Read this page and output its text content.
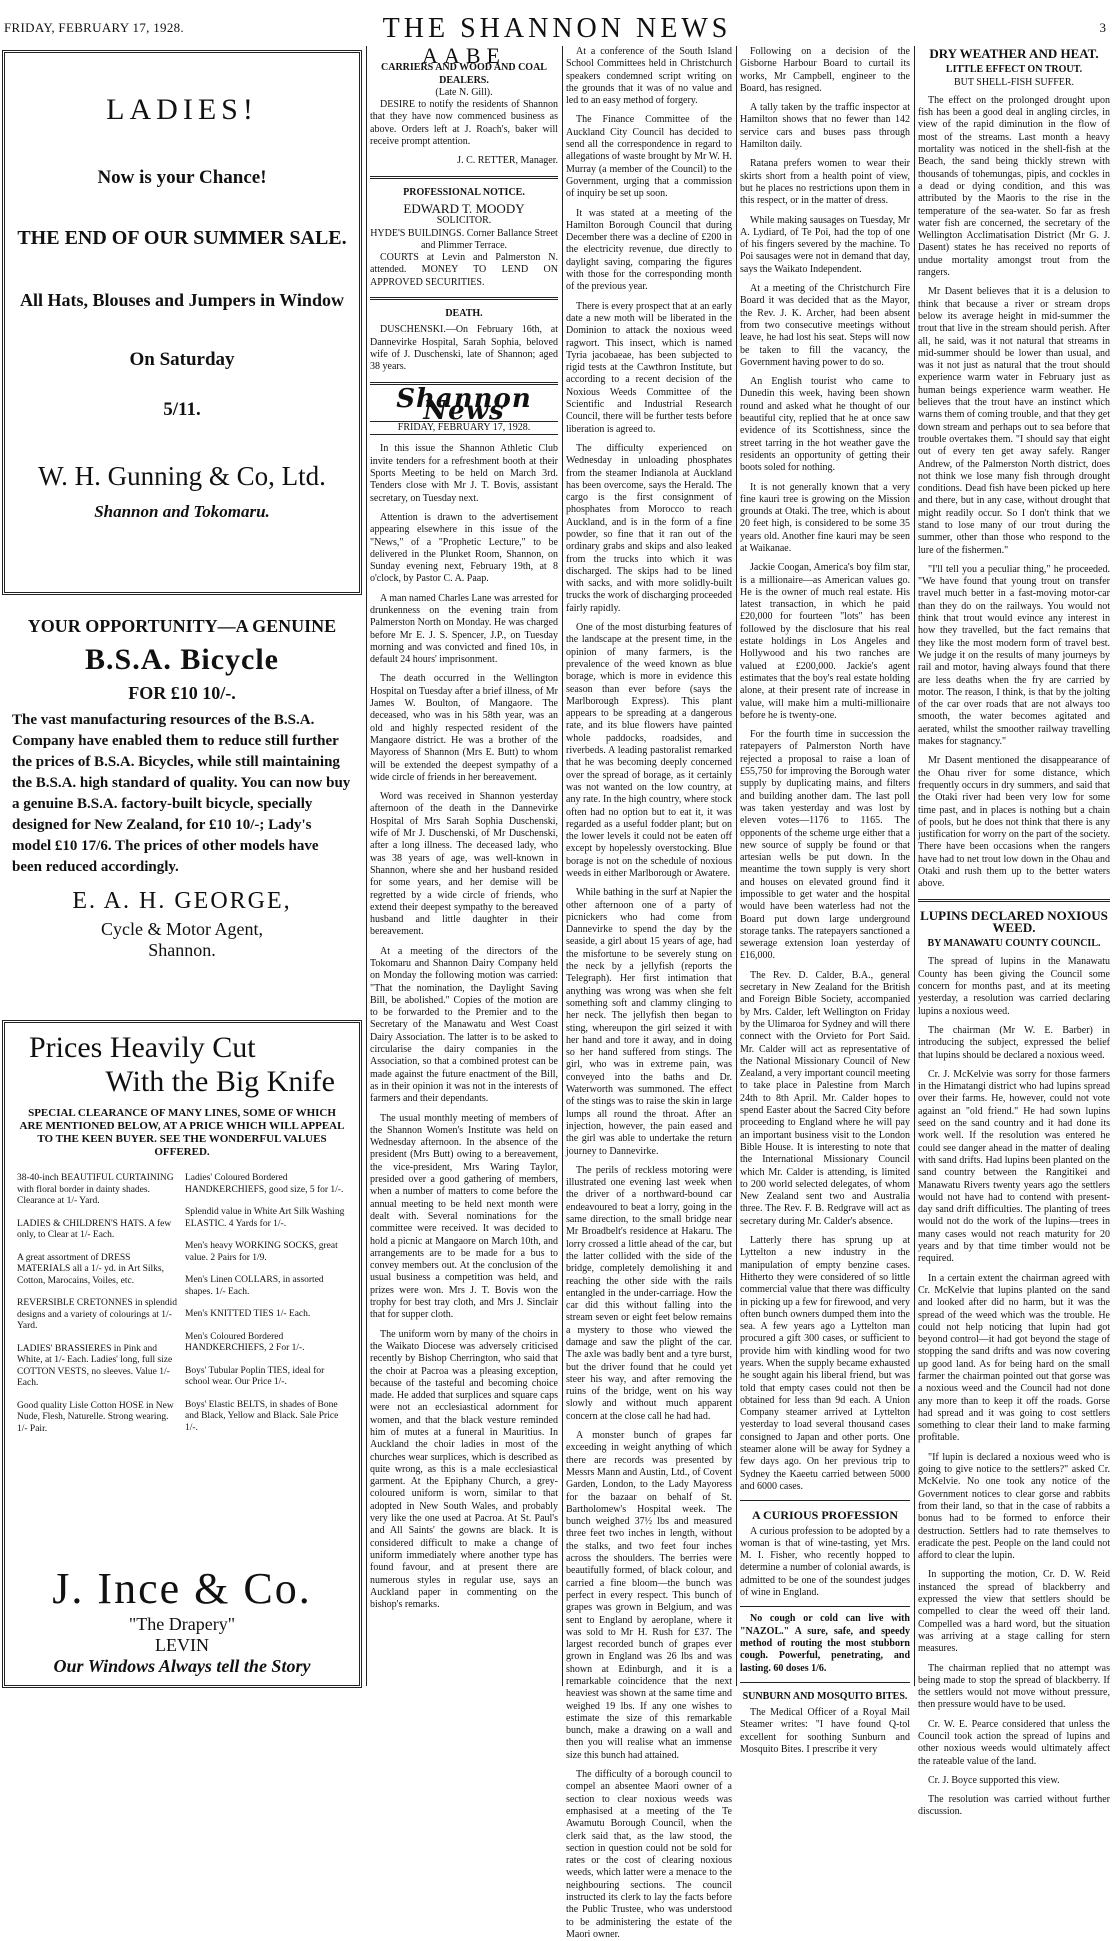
FRIDAY, FEBRUARY 17, 1928.	THE SHANNON NEWS	3
LADIES!
Now is your Chance!
THE END OF OUR SUMMER SALE.
All Hats, Blouses and Jumpers in Window
On Saturday
5/11.
W. H. Gunning & Co, Ltd.
Shannon and Tokomaru.
YOUR OPPORTUNITY—A GENUINE
B.S.A. Bicycle
FOR £10 10/-.
The vast manufacturing resources of the B.S.A. Company have enabled them to reduce still further the prices of B.S.A. Bicycles, while still maintaining the B.S.A. high standard of quality. You can now buy a genuine B.S.A. factory-built bicycle, specially designed for New Zealand, for £10 10/-; Lady's model £10 17/6. The prices of other models have been reduced accordingly.
E. A. H. GEORGE,
Cycle & Motor Agent,
Shannon.
Prices Heavily Cut
With the Big Knife
SPECIAL CLEARANCE OF MANY LINES, SOME OF WHICH ARE MENTIONED BELOW, AT A PRICE WHICH WILL APPEAL TO THE KEEN BUYER. SEE THE WONDERFUL VALUES OFFERED.
38-40-inch BEAUTIFUL CURTAINING with floral border in dainty shades. Clearance at 1/- Yard.
LADIES & CHILDREN'S HATS. A few only, to Clear at 1/- Each.
A great assortment of DRESS MATERIALS all a 1/- yd. in Art Silks, Cotton, Marocains, Voiles, etc.
REVERSIBLE CRETONNES in splendid designs and a variety of colourings at 1/- Yard.
LADIES' BRASSIERES in Pink and White, at 1/- Each. Ladies' long, full size COTTON VESTS, no sleeves. Value 1/- Each.
Good quality Lisle Cotton HOSE in New Nude, Flesh, Naturelle. Strong wearing. 1/- Pair.
Ladies' Coloured Bordered HANDKERCHIEFS, good size, 5 for 1/-.
Splendid value in White Art Silk Washing ELASTIC. 4 Yards for 1/-.
Men's heavy WORKING SOCKS, great value. 2 Pairs for 1/9.
Men's Linen COLLARS, in assorted shapes. 1/- Each.
Men's KNITTED TIES 1/- Each.
Men's Coloured Bordered HANDKERCHIEFS, 2 For 1/-.
Boys' Tubular Poplin TIES, ideal for school wear. Our Price 1/-.
Boys' Elastic BELTS, in shades of Bone and Black, Yellow and Black. Sale Price 1/-.
J. Ince & Co.
"The Drapery"
LEVIN
Our Windows Always tell the Story
AABE
CARRIERS AND WOOD AND COAL DEALERS.
(Late N. Gill).

DESIRE to notify the residents of Shannon that they have now commenced business as above. Orders left at J. Roach's, baker will receive prompt attention.

J. C. RETTER, Manager.
PROFESSIONAL NOTICE.
EDWARD T. MOODY
SOLICITOR.
HYDE'S BUILDINGS. Corner Ballance Street and Plimmer Terrace.

COURTS at Levin and Palmerston N. attended. MONEY TO LEND ON APPROVED SECURITIES.

DEATH.

DUSCHENSKI.—On February 16th, at Dannevirke Hospital, Sarah Sophia, beloved wife of J. Duschenski, late of Shannon; aged 38 years.

Shannon News
FRIDAY, FEBRUARY 17, 1928.

In this issue the Shannon Athletic Club invite tenders for a refreshment booth at their Sports Meeting to be held on March 3rd. Tenders close with Mr J. T. Bovis, assistant secretary, on Tuesday next.

Attention is drawn to the advertisement appearing elsewhere in this issue of the "News," of a "Prophetic Lecture," to be delivered in the Plunket Room, Shannon, on Sunday evening next, February 19th, at 8 o'clock, by Pastor C. A. Paap.

A man named Charles Lane was arrested for drunkenness on the evening train from Palmerston North on Monday. He was charged before Mr E. J. S. Spencer, J.P., on Tuesday morning and was convicted and fined 10s, in default 24 hours' imprisonment.

The death occurred in the Wellington Hospital on Tuesday after a brief illness, of Mr James W. Boulton, of Mangaore. The deceased, who was in his 58th year, was an old and highly respected resident of the Mangaore district. He was a brother of the Mayoress of Shannon (Mrs E. Butt) to whom will be extended the deepest sympathy of a wide circle of friends in her bereavement.

Word was received in Shannon yesterday afternoon of the death in the Dannevirke Hospital of Mrs Sarah Sophia Duschenski, wife of Mr J. Duschenski, of Mr Duschenski, after a long illness. The deceased lady, who was 38 years of age, was well-known in Shannon, where she and her husband resided for some years, and her demise will be regretted by a wide circle of friends, who extend their deepest sympathy to the bereaved husband and little daughter in their bereavement.

At a meeting of the directors of the Tokomaru and Shannon Dairy Company held on Monday the following motion was carried: "That the nomination, the Daylight Saving Bill, be abolished." Copies of the motion are to be forwarded to the Premier and to the Secretary of the Manawatu and West Coast Dairy Association. The latter is to be asked to circularise the dairy companies in the Association, so that a combined protest can be made against the future enactment of the Bill, as in their opinion it was not in the interests of farmers and their dependants.

The usual monthly meeting of members of the Shannon Women's Institute was held on Wednesday afternoon. In the absence of the president (Mrs Butt) owing to a bereavement, the vice-president, Mrs Waring Taylor, presided over a good gathering of members, when a number of matters to come before the annual meeting to be held next month were dealt with. Several nominations for the committee were received. It was decided to hold a picnic at Mangaore on March 10th, and arrangements are to be made for a bus to convey members out. At the conclusion of the usual business a competition was held, and prizes were won. Mrs J. T. Bovis won the trophy for best tray cloth, and Mrs J. Sinclair that for supper cloth.

The uniform worn by many of the choirs in the Waikato Diocese was adversely criticised recently by Bishop Cherrington, who said that the choir at Pacroa was a pleasing exception, because of the tasteful and becoming choice made. He added that surplices and square caps were not an ecclesiastical adornment for women, and that the black vesture reminded him of mutes at a funeral in Mauritius. In Auckland the choir ladies in most of the churches wear surplices, which is described as quite wrong, as this is a male ecclesiastical garment. At the Epiphany Church, a grey-coloured uniform is worn, similar to that adopted in New South Wales, and probably very like the one used at Pacroa. At St. Paul's and All Saints' the gowns are black. It is considered difficult to make a change of uniform immediately where another type has found favour, and at present there are numerous styles in regular use, says an Auckland paper in commenting on the bishop's remarks.

At a conference of the South Island School Committees held in Christchurch speakers condemned script writing on the grounds that it was of no value and led to an easy method of forgery.

The Finance Committee of the Auckland City Council has decided to send all the correspondence in regard to allegations of waste brought by Mr W. H. Murray (a member of the Council) to the Government, urging that a commission of inquiry be set up soon.

It was stated at a meeting of the Hamilton Borough Council that during December there was a decline of £200 in the electricity revenue, due directly to daylight saving, comparing the figures with those for the corresponding month of the previous year.

There is every prospect that at an early date a new moth will be liberated in the Dominion to attack the noxious weed ragwort. This insect, which is named Tyria jacobaeae, has been subjected to rigid tests at the Cawthron Institute, but according to a recent decision of the Noxious Weeds Committee of the Scientific and Industrial Research Council, there will be further tests before liberation is agreed to.

The difficulty experienced on Wednesday in unloading phosphates from the steamer Indianola at Auckland has been overcome, says the Herald. The cargo is the first consignment of phosphates from Morocco to reach Auckland, and is in the form of a fine powder, so fine that it ran out of the ordinary grabs and skips and also leaked from the trucks into which it was discharged. The skips had to be lined with sacks, and with more solidly-built trucks the work of discharging proceeded fairly rapidly.

One of the most disturbing features of the landscape at the present time, in the opinion of many farmers, is the prevalence of the weed known as blue borage, which is more in evidence this season than ever before (says the Marlborough Express). This plant appears to be spreading at a dangerous rate, and its blue flowers have painted whole paddocks, roadsides, and riverbeds. A leading pastoralist remarked that he was becoming deeply concerned over the spread of borage, as it certainly was not wanted on the low country, at any rate. In the high country, where stock often had no option but to eat it, it was regarded as a useful fodder plant; but on the lower levels it could not be eaten off except by hopelessly overstocking. Blue borage is not on the schedule of noxious weeds in either Marlborough or Awatere.

While bathing in the surf at Napier the other afternoon one of a party of picnickers who had come from Dannevirke to spend the day by the seaside, a girl about 15 years of age, had the misfortune to be severely stung on the neck by a jellyfish (reports the Telegraph). Her first intimation that anything was wrong was when she felt something soft and clammy clinging to her neck. The jellyfish then began to sting, whereupon the girl seized it with her hand and tore it away, and in doing so her hand suffered from stings. The girl, who was in extreme pain, was conveyed into the baths and Dr. Waterworth was summoned. The effect of the stings was to raise the skin in large lumps all round the throat. After an injection, however, the pain eased and the girl was able to undertake the return journey to Dannevirke.

The perils of reckless motoring were illustrated one evening last week when the driver of a northward-bound car endeavoured to beat a lorry, going in the same direction, to the small bridge near Mr Broadbelt's residence at Hakaru. The lorry crossed a little ahead of the car, but the latter collided with the side of the bridge, completely demolishing it and reaching the other side with the rails entangled in the under-carriage. How the car did this without falling into the stream seven or eight feet below remains a mystery to those who viewed the damage and saw the plight of the car. The axle was badly bent and a tyre burst, but the driver found that he could yet steer his way, and after removing the ruins of the bridge, went on his way slowly and without much apparent concern at the close call he had had.

A monster bunch of grapes far exceeding in weight anything of which there are records was presented by Messrs Mann and Austin, Ltd., of Covent Garden, London, to the Lady Mayoress for the bazaar on behalf of St. Bartholomew's Hospital week. The bunch weighed 37½ lbs and measured three feet two inches in length, without the stalks, and two feet four inches across the shoulders. The berries were beautifully formed, of black colour, and carried a fine bloom—the bunch was perfect in every respect. This bunch of grapes was grown in Belgium, and was sent to England by aeroplane, where it was sold to Mr H. Rush for £37. The largest recorded bunch of grapes ever grown in England was 26 lbs and was shown at Edinburgh, and it is a remarkable coincidence that the next heaviest was shown at the same time and weighed 19 lbs. If any one wishes to estimate the size of this remarkable bunch, make a drawing on a wall and then you will realise what an immense size this bunch had attained.

The difficulty of a borough council to compel an absentee Maori owner of a section to clear noxious weeds was emphasised at a meeting of the Te Awamutu Borough Council, when the clerk said that, as the law stood, the section in question could not be sold for rates or the cost of clearing noxious weeds, which latter were a menace to the neighbouring sections. The council instructed its clerk to lay the facts before the Public Trustee, who was understood to be administering the estate of the Maori owner.

Following on a decision of the Gisborne Harbour Board to curtail its works, Mr Campbell, engineer to the Board, has resigned.

A tally taken by the traffic inspector at Hamilton shows that no fewer than 142 service cars and buses pass through Hamilton daily.

Ratana prefers women to wear their skirts short from a health point of view, but he places no restrictions upon them in this respect, or in the matter of dress.

While making sausages on Tuesday, Mr A. Lydiard, of Te Poi, had the top of one of his fingers severed by the machine. To Poi sausages were not in demand that day, says the Waikato Independent.

At a meeting of the Christchurch Fire Board it was decided that as the Mayor, the Rev. J. K. Archer, had been absent from two consecutive meetings without leave, he had lost his seat. Steps will now be taken to fill the vacancy, the Government having power to do so.

An English tourist who came to Dunedin this week, having been shown round and asked what he thought of our beautiful city, replied that he at once saw evidence of its Scottishness, since the street tarring in the hot weather gave the residents an opportunity of getting their boots soled for nothing.

It is not generally known that a very fine kauri tree is growing on the Mission grounds at Otaki. The tree, which is about 20 feet high, is considered to be some 35 years old. Another fine kauri may be seen at Waikanae.

Jackie Coogan, America's boy film star, is a millionaire—as American values go. He is the owner of much real estate. His latest transaction, in which he paid £20,000 for fourteen "lots" has been followed by the disclosure that his real estate holdings in Los Angeles and Hollywood and his two ranches are valued at £200,000. Jackie's agent estimates that the boy's real estate holding alone, at their present rate of increase in value, will make him a multi-millionaire before he is twenty-one.

For the fourth time in succession the ratepayers of Palmerston North have rejected a proposal to raise a loan of £55,750 for improving the Borough water supply by duplicating mains, and filters and building another dam. The last poll was taken yesterday and was lost by eleven votes—1176 to 1165. The opponents of the scheme urge either that a new source of supply be found or that artesian wells be put down. In the meantime the town supply is very short and houses on elevated ground find it impossible to get water and the hospital would have been waterless had not the Board put down large underground storage tanks. The ratepayers sanctioned a sewerage extension loan yesterday of £16,000.

The Rev. D. Calder, B.A., general secretary in New Zealand for the British and Foreign Bible Society, accompanied by Mrs. Calder, left Wellington on Friday by the Ulimaroa for Sydney and will there connect with the Orvieto for Port Said. Mr. Calder will act as representative of the National Missionary Council of New Zealand, a very important council meeting to take place in Palestine from March 24th to 8th April. Mr. Calder hopes to spend Easter about the Sacred City before proceeding to England where he will pay an important business visit to the London Bible House. It is interesting to note that the International Missionary Council which Mr. Calder is attending, is limited to 200 world selected delegates, of whom New Zealand sent two and Australia three. The Rev. F. B. Redgrave will act as secretary during Mr. Calder's absence.

Latterly there has sprung up at Lyttelton a new industry in the manipulation of empty benzine cases. Hitherto they were considered of so little commercial value that there was difficulty in picking up a few for firewood, and very often bunch owners dumped them into the sea. A few years ago a Lyttelton man procured a gift 300 cases, or sufficient to provide him with kindling wood for two years. When the supply became exhausted he sought again his liberal friend, but was told that empty cases could not then be obtained for less than 9d each. A Union Company steamer arrived at Lyttelton yesterday to load several thousand cases consigned to Japan and other ports. One steamer alone will be away for Sydney a few days ago. On her previous trip to Sydney the Kaeetu carried between 5000 and 6000 cases.

A CURIOUS PROFESSION

A curious profession to be adopted by a woman is that of wine-tasting, yet Mrs. M. I. Fisher, who recently hopped to determine a number of colonial awards, is admitted to be one of the soundest judges of wine in England.

No cough or cold can live with "NAZOL." A sure, safe, and speedy method of routing the most stubborn cough. Powerful, penetrating, and lasting. 60 doses 1/6.

SUNBURN AND MOSQUITO BITES.

The Medical Officer of a Royal Mail Steamer writes: "I have found Q-tol excellent for soothing Sunburn and Mosquito Bites. I prescribe it very

DRY WEATHER AND HEAT.
LITTLE EFFECT ON TROUT.
BUT SHELL-FISH SUFFER.

The effect on the prolonged drought upon fish has been a good deal in angling circles, in view of the rapid diminution in the flow of most of the streams. Last month a heavy mortality was noticed in the shell-fish at the Beach, the sand being thickly strewn with thousands of tohemungas, pipis, and cockles in a dead or dying condition, and this was attributed by the Maoris to the rise in the temperature of the sea-water. So far as fresh water fish are concerned, the secretary of the Wellington Acclimatisation District (Mr G. J. Dasent) states he has received no reports of undue mortality amongst trout from the rangers.

Mr Dasent believes that it is a delusion to think that because a river or stream drops below its average height in mid-summer the trout that live in the stream should perish. After all, he said, was it not natural that streams in mid-summer should be lower than usual, and was it not just as natural that the trout should experience warm water in February just as human beings experience warm weather. He believes that the trout have an instinct which warns them of coming trouble, and that they get down stream and perhaps out to sea before that trouble overtakes them. "I should say that eight out of every ten get away safely. Ranger Andrew, of the Palmerston North district, does not think we lose many fish through drought conditions. Dead fish have been picked up here and there, but in any case, without drought that might readily occur. So I don't think that we stand to lose many of our trout during the summer, other than those who respond to the lure of the fishermen."

"I'll tell you a peculiar thing," he proceeded. "We have found that young trout on transfer travel much better in a fast-moving motor-car than they do on the railways. You would not think that trout would evince any interest in how they travelled, but the fact remains that they like the most modern form of travel best. We judge it on the results of many journeys by rail and motor, having always found that there are less deaths when the fry are carried by motor. The reason, I think, is that by the jolting of the car over roads that are not always too smooth, the water becomes agitated and aerated, whilst the smoother railway travelling makes for stagnancy."

Mr Dasent mentioned the disappearance of the Ohau river for some distance, which frequently occurs in dry summers, and said that the Otaki river had been very low for some time past, and in places is nothing but a chain of pools, but he does not think that there is any justification for worry on the part of the society. There have been occasions when the rangers have had to net trout low down in the Ohau and Otaki and rush them up to the better waters above.

LUPINS DECLARED NOXIOUS WEED.
BY MANAWATU COUNTY COUNCIL.

The spread of lupins in the Manawatu County has been giving the Council some concern for months past, and at its meeting yesterday, a resolution was carried declaring lupins a noxious weed.

The chairman (Mr W. E. Barber) in introducing the subject, expressed the belief that lupins should be declared a noxious weed.

Cr. J. McKelvie was sorry for those farmers in the Himatangi district who had lupins spread over their farms. He, however, could not vote against an "old friend." He had sown lupins seed on the sand country and it had done its work well. If the resolution was entered he could see danger ahead in the matter of dealing with sand drifts. Had lupins been planted on the sand country between the Rangitikei and Manawatu Rivers twenty years ago the settlers would not have had to contend with present-day sand drift difficulties. The planting of trees would not do the work of the lupins—trees in many cases would not reach maturity for 20 years and by that time timber would not be required.

In a certain extent the chairman agreed with Cr. McKelvie that lupins planted on the sand and looked after did no harm, but it was the spread of the weed which was the trouble. He could not help noticing that lupin had got beyond control—it had got beyond the stage of stopping the sand drifts and was now covering up good land. As for being hard on the small farmer the chairman pointed out that gorse was a noxious weed and the Council had not done any more than to keep it off the roads. Gorse had spread and it was going to cost settlers something to clear their land to make farming profitable.

"If lupin is declared a noxious weed who is going to give notice to the settlers?" asked Cr. McKelvie. No one took any notice of the Government notices to clear gorse and rabbits from their land, so that in the case of rabbits a bonus had to be formed to enforce their destruction. Settlers had to rate themselves to eradicate the pest. People on the land could not afford to clear the lupin.

In supporting the motion, Cr. D. W. Reid instanced the spread of blackberry and expressed the view that settlers should be compelled to clear the weed off their land. Compelled was a hard word, but the situation was arriving at a stage calling for stern measures.

The chairman replied that no attempt was being made to stop the spread of blackberry. If the settlers would not move without pressure, then pressure would have to be used.

Cr. W. E. Pearce considered that unless the Council took action the spread of lupins and other noxious weeds would ultimately affect the rateable value of the land.

Cr. J. Boyce supported this view.

The resolution was carried without further discussion.
